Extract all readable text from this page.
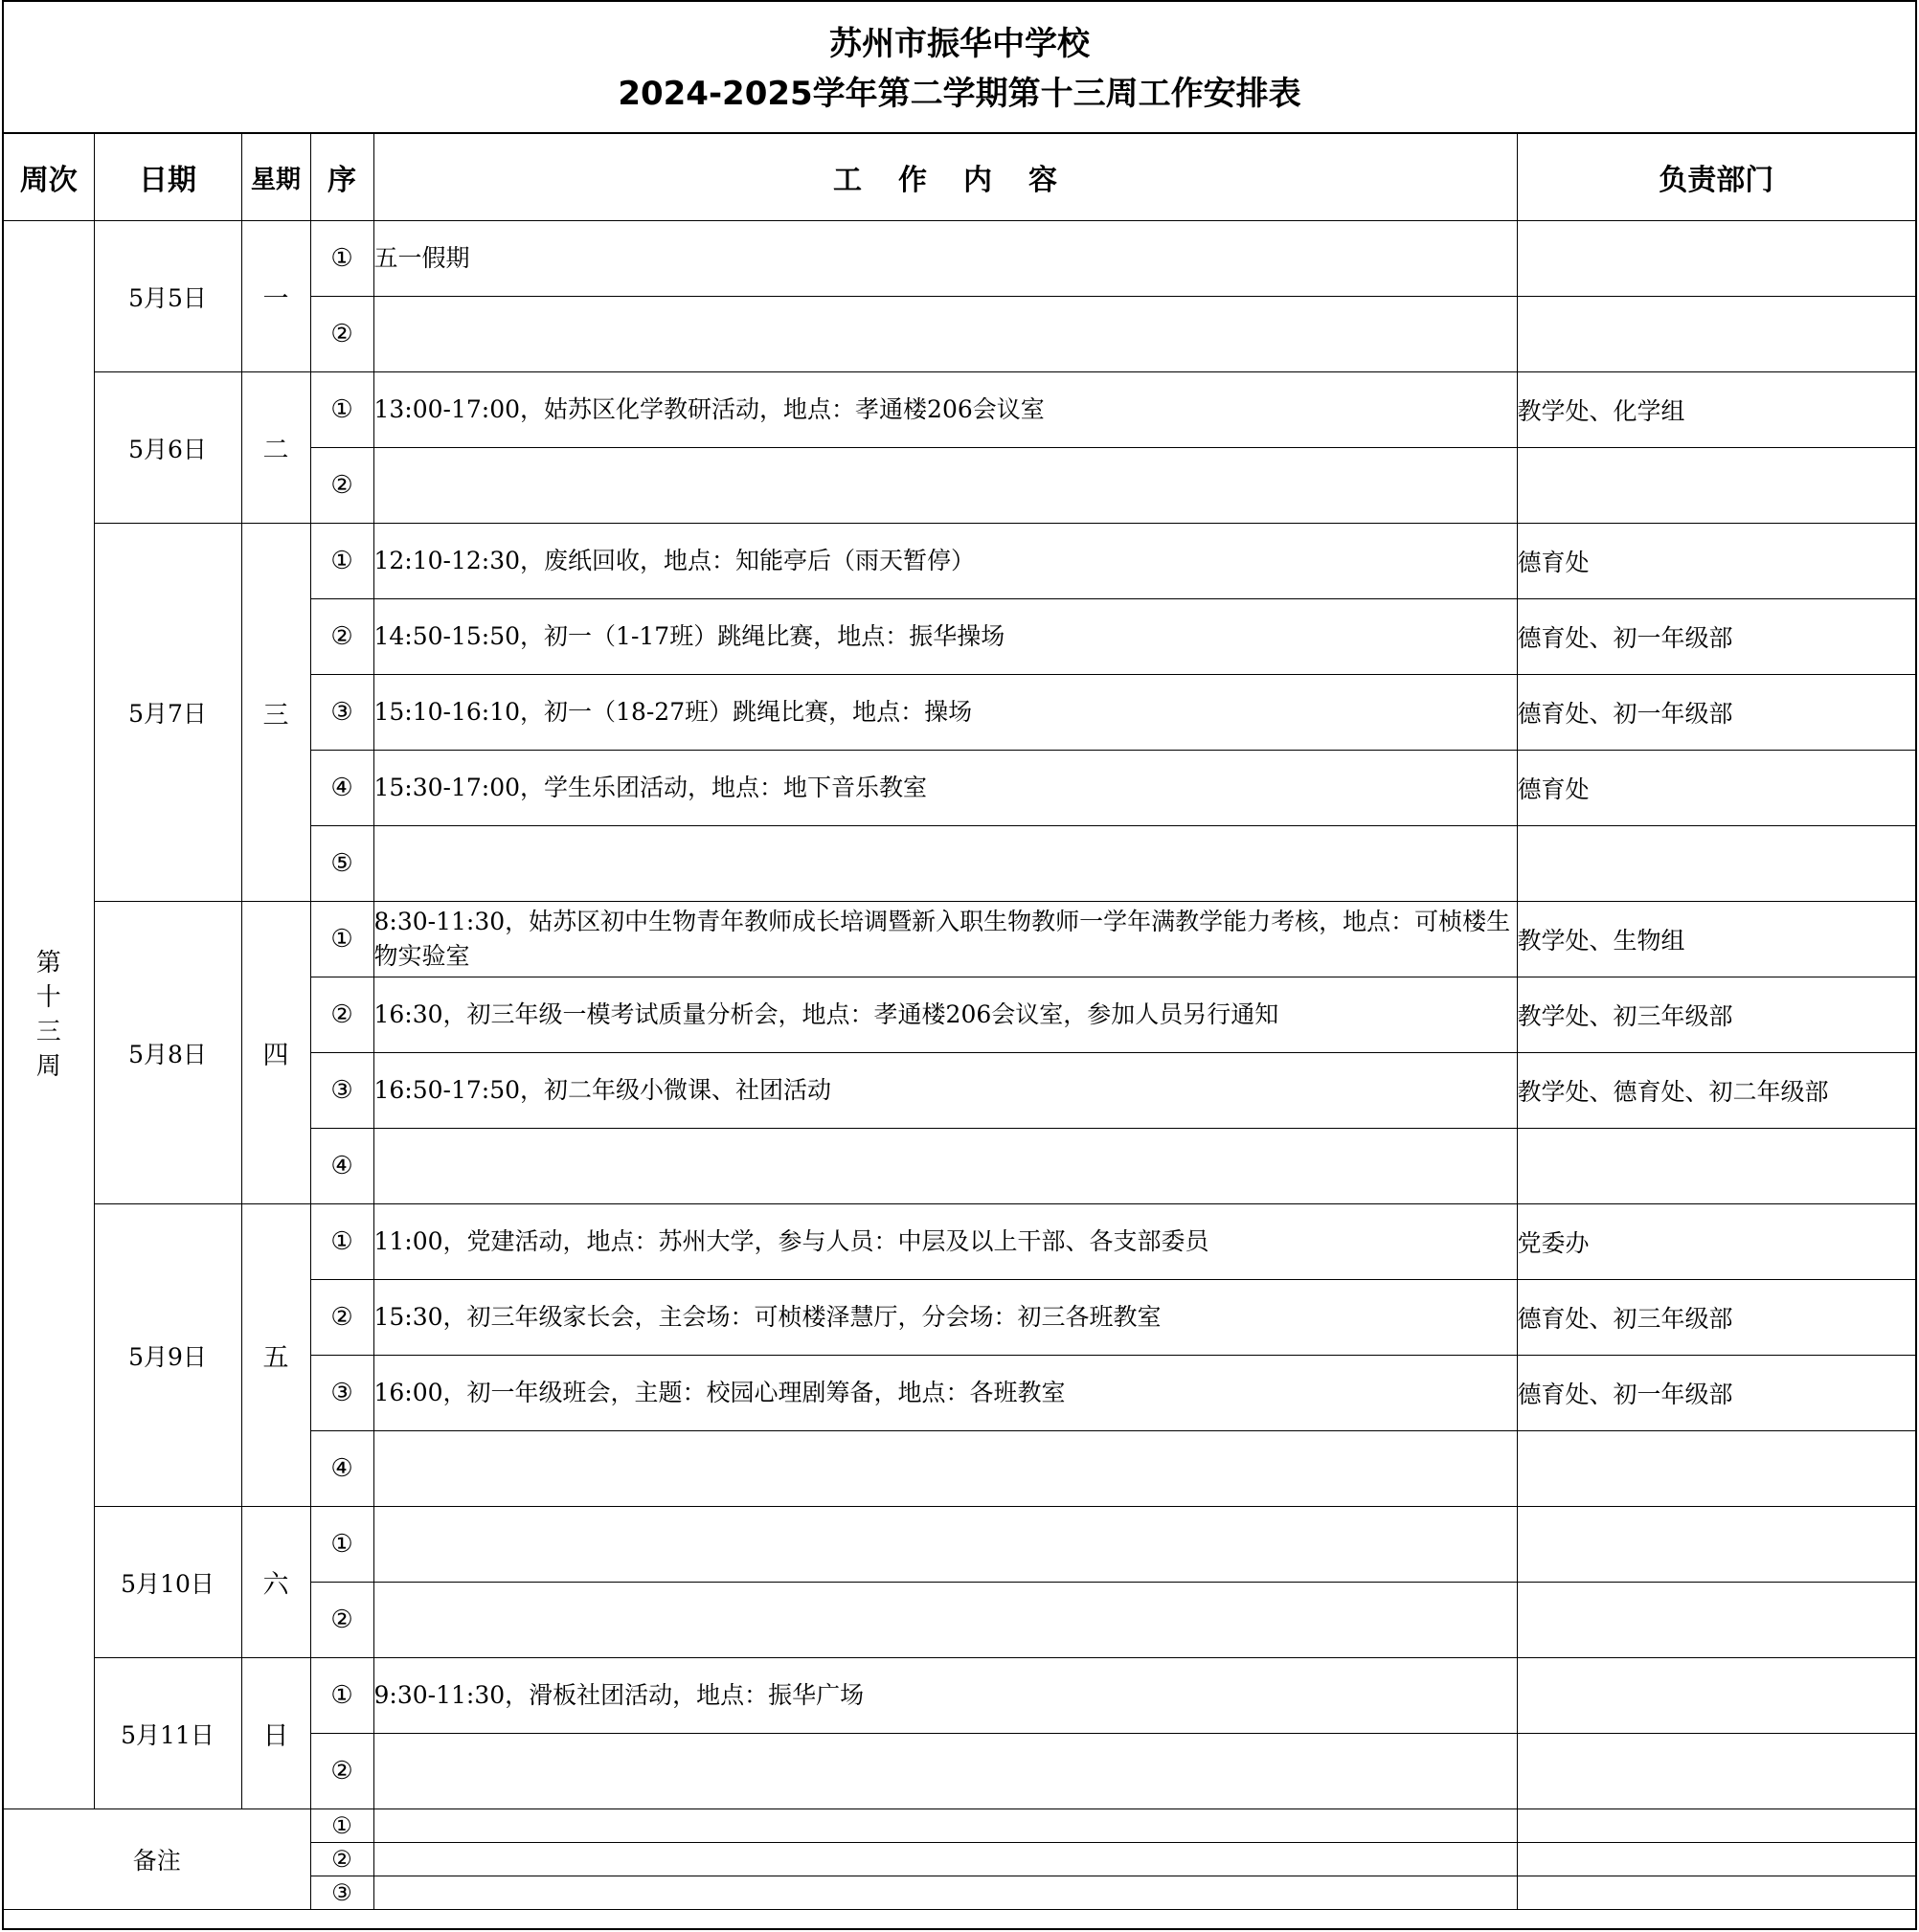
苏州市振华中学校
2024-2025学年第二学期第十三周工作安排表
周次	日期	星期	序	工作内容	负责部门
第十三周	5月5日	一	①	五一假期	
			②		
	5月6日	二	①	13:00-17:00，姑苏区化学教研活动，地点：孝通楼206会议室	教学处、化学组
			②		
	5月7日	三	①	12:10-12:30，废纸回收，地点：知能亭后（雨天暂停）	德育处
			②	14:50-15:50，初一（1-17班）跳绳比赛，地点：振华操场	德育处、初一年级部
			③	15:10-16:10，初一（18-27班）跳绳比赛，地点：操场	德育处、初一年级部
			④	15:30-17:00，学生乐团活动，地点：地下音乐教室	德育处
			⑤		
	5月8日	四	①	8:30-11:30，姑苏区初中生物青年教师成长培调暨新入职生物教师一学年满教学能力考核，地点：可桢楼生物实验室	教学处、生物组
			②	16:30，初三年级一模考试质量分析会，地点：孝通楼206会议室，参加人员另行通知	教学处、初三年级部
			③	16:50-17:50，初二年级小微课、社团活动	教学处、德育处、初二年级部
			④		
	5月9日	五	①	11:00，党建活动，地点：苏州大学，参与人员：中层及以上干部、各支部委员	党委办
			②	15:30，初三年级家长会，主会场：可桢楼泽慧厅，分会场：初三各班教室	德育处、初三年级部
			③	16:00，初一年级班会，主题：校园心理剧筹备，地点：各班教室	德育处、初一年级部
			④		
	5月10日	六	①		
			②		
	5月11日	日	①	9:30-11:30，滑板社团活动，地点：振华广场	
			②		
备注			①		
			②		
			③		
